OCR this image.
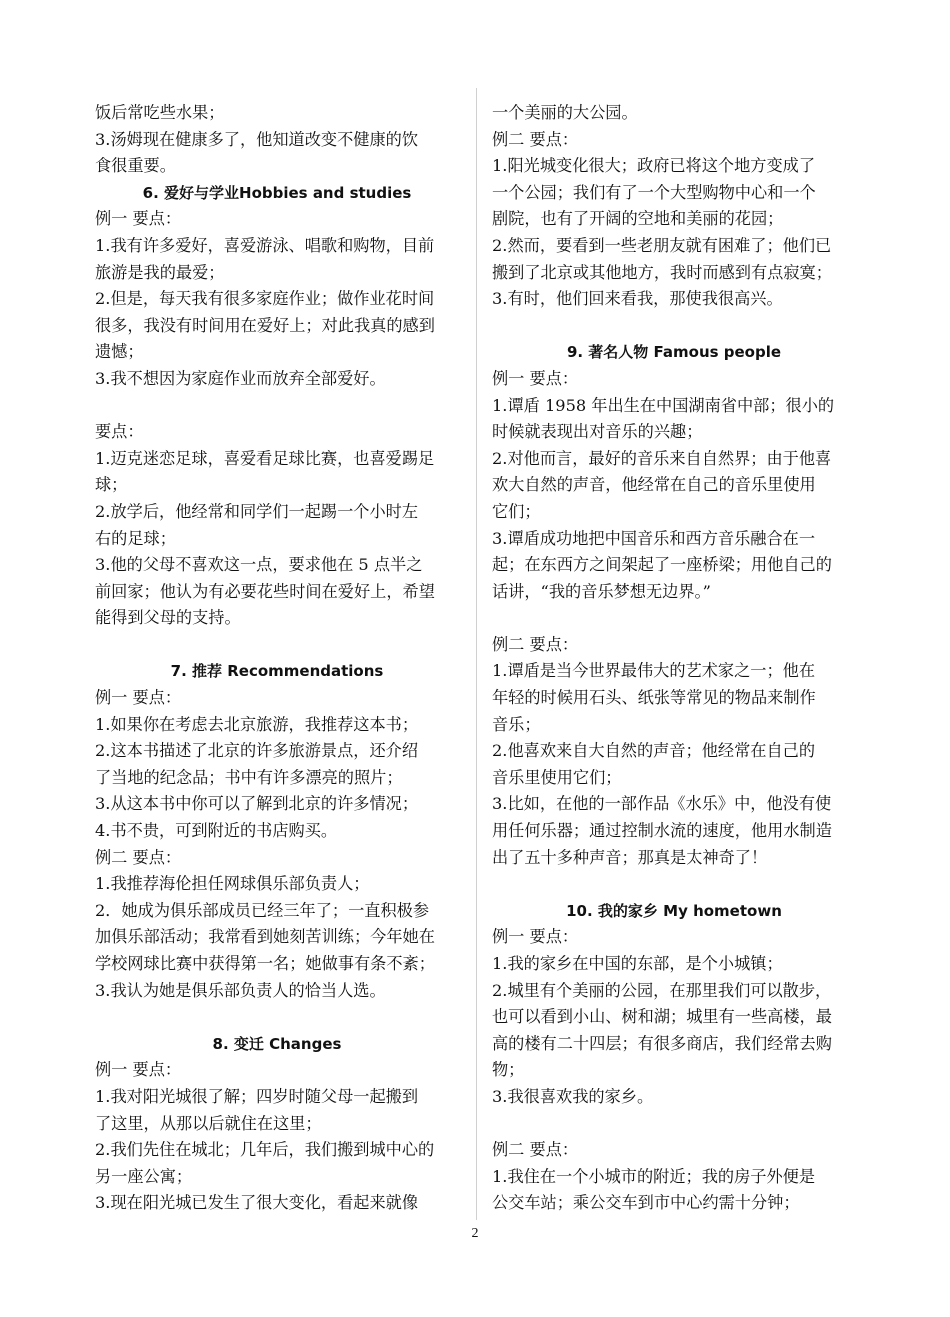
饭后常吃些水果；
3.汤姆现在健康多了，他知道改变不健康的饮
食很重要。
6. 爱好与学业Hobbies and studies
例一 要点：
1.我有许多爱好，喜爱游泳、唱歌和购物，目前
旅游是我的最爱；
2.但是，每天我有很多家庭作业；做作业花时间
很多，我没有时间用在爱好上；对此我真的感到
遗憾；
3.我不想因为家庭作业而放弃全部爱好。
要点：
1.迈克迷恋足球，喜爱看足球比赛，也喜爱踢足
球；
2.放学后，他经常和同学们一起踢一个小时左
右的足球；
3.他的父母不喜欢这一点，要求他在 5 点半之
前回家；他认为有必要花些时间在爱好上，希望
能得到父母的支持。
7. 推荐 Recommendations
例一 要点：
1.如果你在考虑去北京旅游，我推荐这本书；
2.这本书描述了北京的许多旅游景点，还介绍
了当地的纪念品；书中有许多漂亮的照片；
3.从这本书中你可以了解到北京的许多情况；
4.书不贵，可到附近的书店购买。
例二 要点：
1.我推荐海伦担任网球俱乐部负责人；
2．她成为俱乐部成员已经三年了；一直积极参
加俱乐部活动；我常看到她刻苦训练；今年她在
学校网球比赛中获得第一名；她做事有条不紊；
3.我认为她是俱乐部负责人的恰当人选。
8. 变迁 Changes
例一 要点：
1.我对阳光城很了解；四岁时随父母一起搬到
了这里，从那以后就住在这里；
2.我们先住在城北；几年后，我们搬到城中心的
另一座公寓；
3.现在阳光城已发生了很大变化，看起来就像
一个美丽的大公园。
例二 要点：
1.阳光城变化很大；政府已将这个地方变成了
一个公园；我们有了一个大型购物中心和一个
剧院，也有了开阔的空地和美丽的花园；
2.然而，要看到一些老朋友就有困难了；他们已
搬到了北京或其他地方，我时而感到有点寂寞；
3.有时，他们回来看我，那使我很高兴。
9. 著名人物 Famous people
例一 要点：
1.谭盾 1958 年出生在中国湖南省中部；很小的
时候就表现出对音乐的兴趣；
2.对他而言，最好的音乐来自自然界；由于他喜
欢大自然的声音，他经常在自己的音乐里使用
它们；
3.谭盾成功地把中国音乐和西方音乐融合在一
起；在东西方之间架起了一座桥梁；用他自己的
话讲，“我的音乐梦想无边界。”
例二 要点：
1.谭盾是当今世界最伟大的艺术家之一；他在
年轻的时候用石头、纸张等常见的物品来制作
音乐；
2.他喜欢来自大自然的声音；他经常在自己的
音乐里使用它们；
3.比如，在他的一部作品《水乐》中，他没有使
用任何乐器；通过控制水流的速度，他用水制造
出了五十多种声音；那真是太神奇了！
10. 我的家乡 My hometown
例一 要点：
1.我的家乡在中国的东部，是个小城镇；
2.城里有个美丽的公园，在那里我们可以散步，
也可以看到小山、树和湖；城里有一些高楼，最
高的楼有二十四层；有很多商店，我们经常去购
物；
3.我很喜欢我的家乡。
例二 要点：
1.我住在一个小城市的附近；我的房子外便是
公交车站；乘公交车到市中心约需十分钟；
2
